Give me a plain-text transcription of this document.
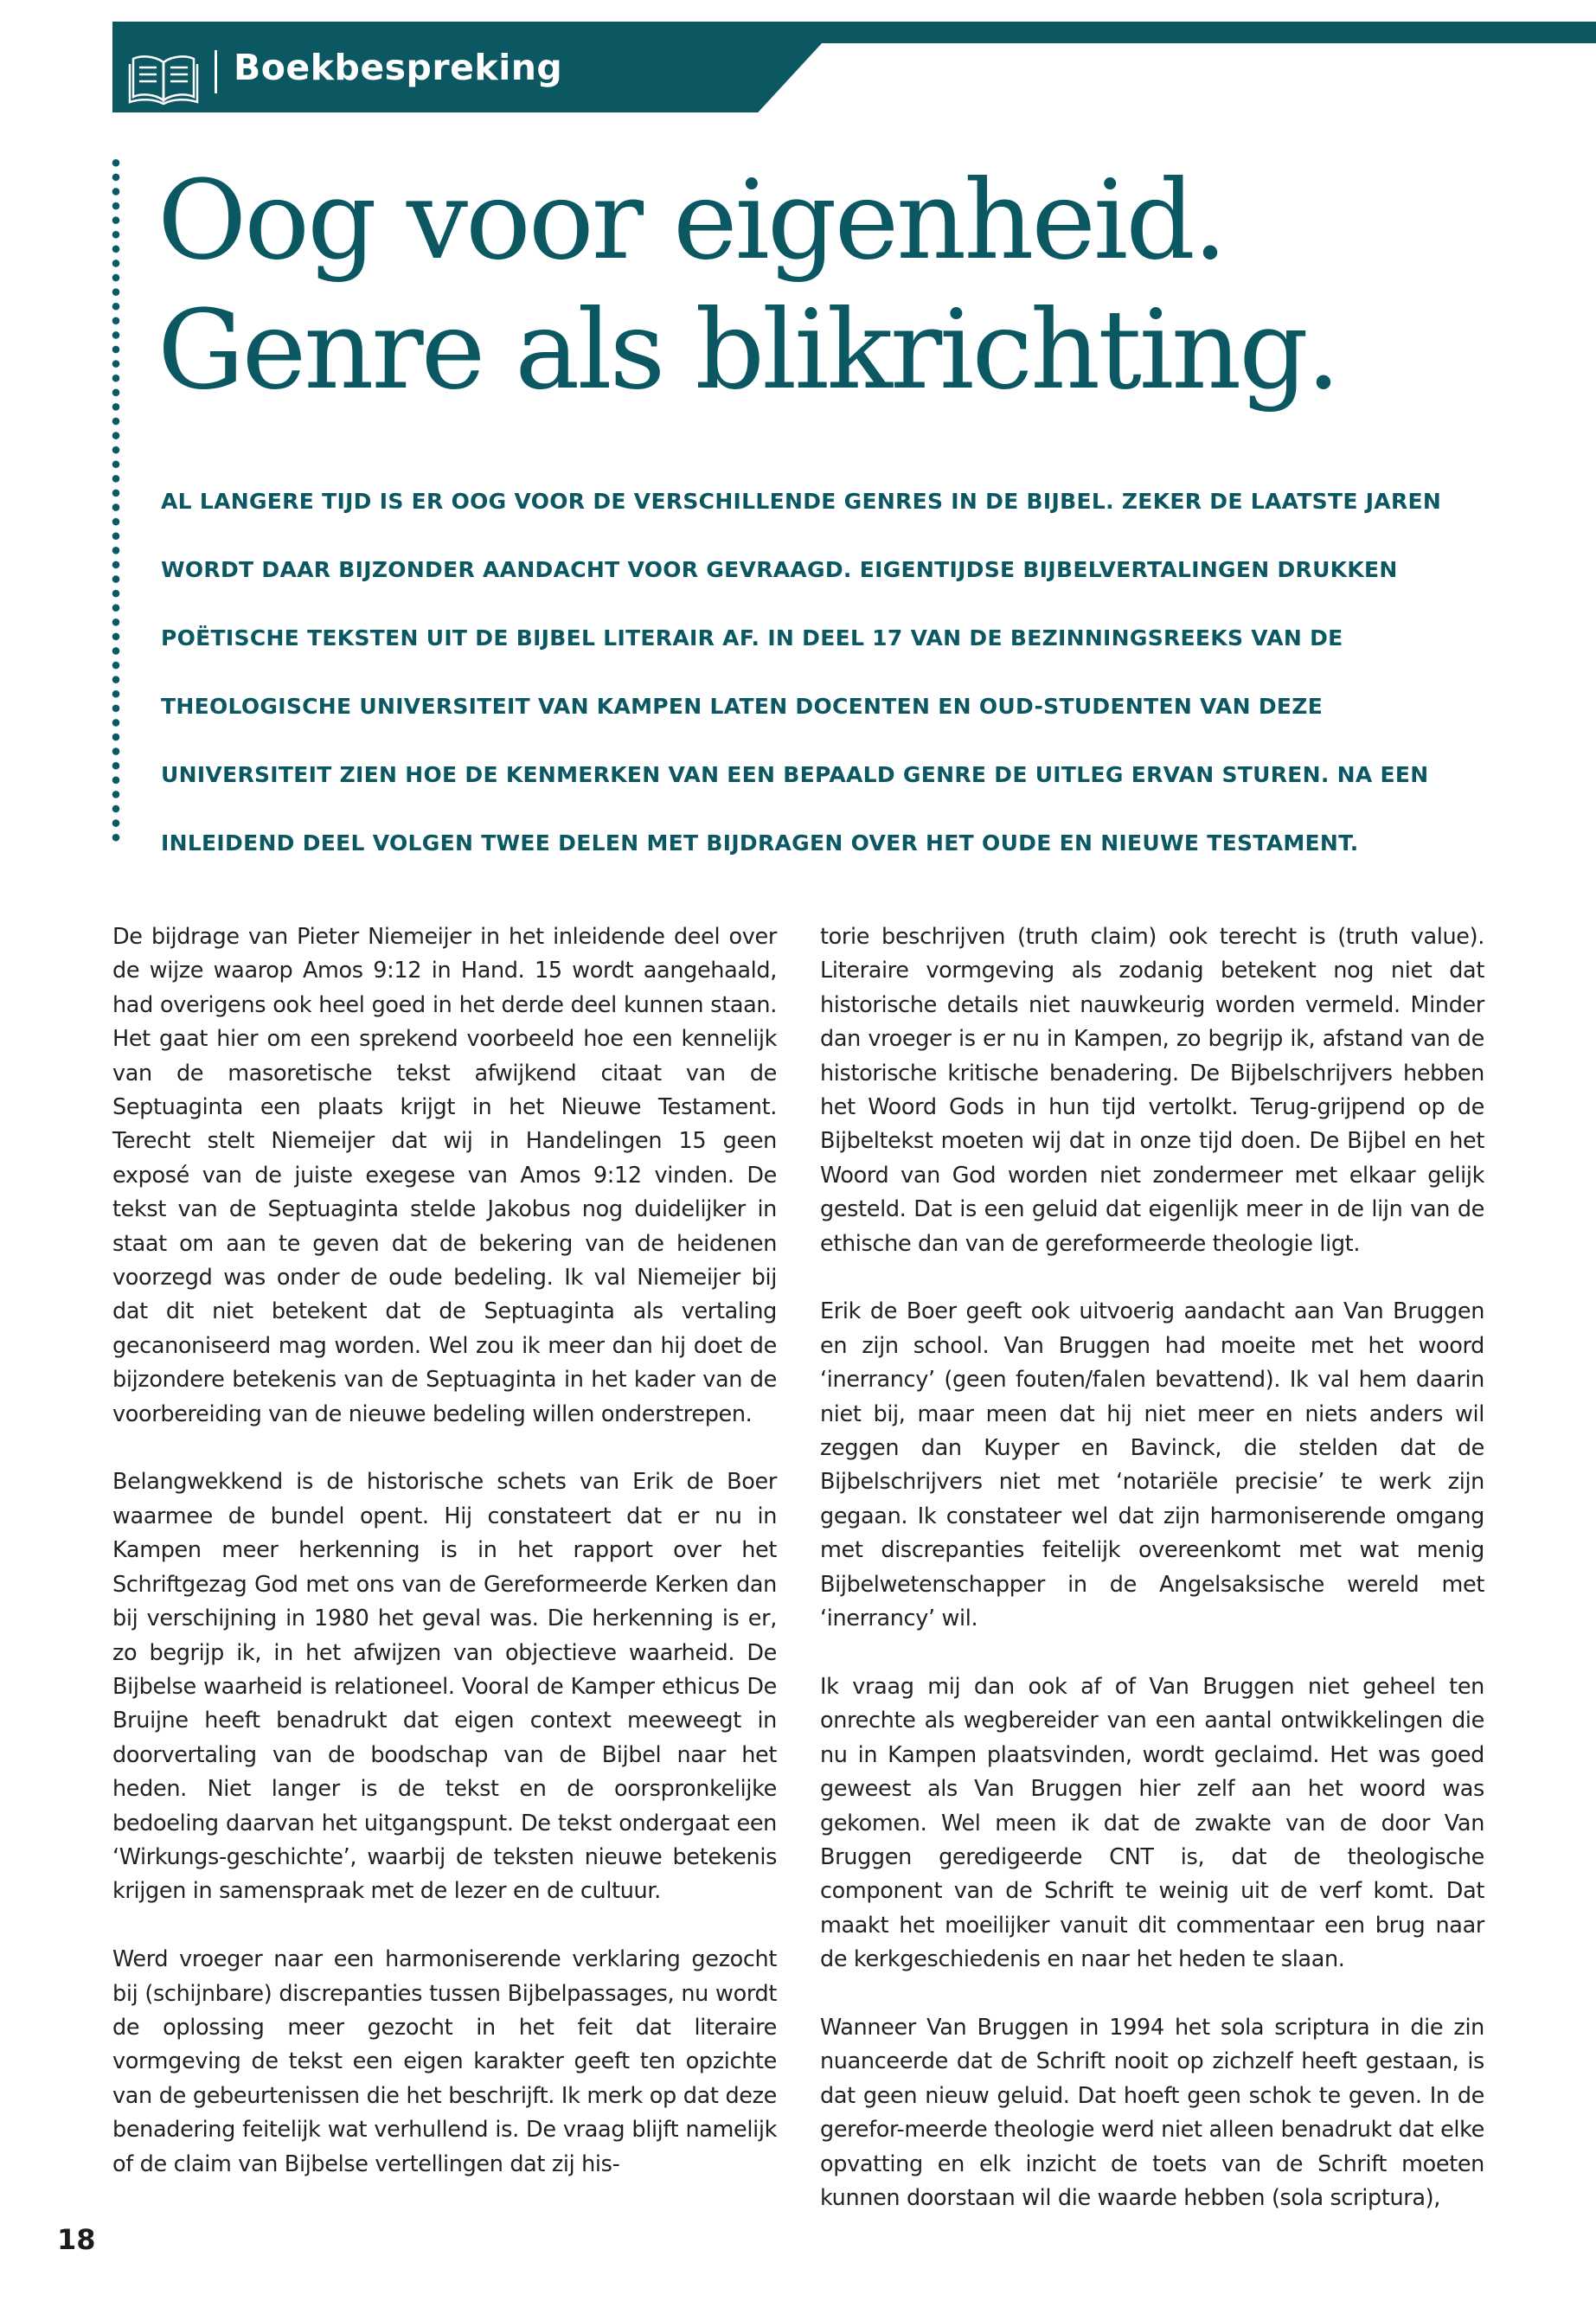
Boekbespreking
Oog voor eigenheid.
Genre als blikrichting.
AL LANGERE TIJD IS ER OOG VOOR DE VERSCHILLENDE GENRES IN DE BIJBEL. ZEKER DE LAATSTE JAREN WORDT DAAR BIJZONDER AANDACHT VOOR GEVRAAGD. EIGENTIJDSE BIJBELVERTALINGEN DRUKKEN POËTISCHE TEKSTEN UIT DE BIJBEL LITERAIR AF. IN DEEL 17 VAN DE BEZINNINGSREEKS VAN DE THEOLOGISCHE UNIVERSITEIT VAN KAMPEN LATEN DOCENTEN EN OUD-STUDENTEN VAN DEZE UNIVERSITEIT ZIEN HOE DE KENMERKEN VAN EEN BEPAALD GENRE DE UITLEG ERVAN STUREN. NA EEN INLEIDEND DEEL VOLGEN TWEE DELEN MET BIJDRAGEN OVER HET OUDE EN NIEUWE TESTAMENT.

De bijdrage van Pieter Niemeijer in het inleidende deel over de wijze waarop Amos 9:12 in Hand. 15 wordt aangehaald, had overigens ook heel goed in het derde deel kunnen staan. Het gaat hier om een sprekend voorbeeld hoe een kennelijk van de masoretische tekst afwijkend citaat van de Septuaginta een plaats krijgt in het Nieuwe Testament. Terecht stelt Niemeijer dat wij in Handelingen 15 geen exposé van de juiste exegese van Amos 9:12 vinden. De tekst van de Septuaginta stelde Jakobus nog duidelijker in staat om aan te geven dat de bekering van de heidenen voorzegd was onder de oude bedeling. Ik val Niemeijer bij dat dit niet betekent dat de Septuaginta als vertaling gecanoniseerd mag worden. Wel zou ik meer dan hij doet de bijzondere betekenis van de Septuaginta in het kader van de voorbereiding van de nieuwe bedeling willen onderstrepen.

Belangwekkend is de historische schets van Erik de Boer waarmee de bundel opent. Hij constateert dat er nu in Kampen meer herkenning is in het rapport over het Schriftgezag God met ons van de Gereformeerde Kerken dan bij verschijning in 1980 het geval was. Die herkenning is er, zo begrijp ik, in het afwijzen van objectieve waarheid. De Bijbelse waarheid is relationeel. Vooral de Kamper ethicus De Bruijne heeft benadrukt dat eigen context meeweegt in doorvertaling van de boodschap van de Bijbel naar het heden. Niet langer is de tekst en de oorspronkelijke bedoeling daarvan het uitgangspunt. De tekst ondergaat een ‘Wirkungs-geschichte’, waarbij de teksten nieuwe betekenis krijgen in samenspraak met de lezer en de cultuur.

Werd vroeger naar een harmoniserende verklaring gezocht bij (schijnbare) discrepanties tussen Bijbelpassages, nu wordt de oplossing meer gezocht in het feit dat literaire vormgeving de tekst een eigen karakter geeft ten opzichte van de gebeurtenissen die het beschrijft. Ik merk op dat deze benadering feitelijk wat verhullend is. De vraag blijft namelijk of de claim van Bijbelse vertellingen dat zij his-

torie beschrijven (truth claim) ook terecht is (truth value). Literaire vormgeving als zodanig betekent nog niet dat historische details niet nauwkeurig worden vermeld. Minder dan vroeger is er nu in Kampen, zo begrijp ik, afstand van de historische kritische benadering. De Bijbelschrijvers hebben het Woord Gods in hun tijd vertolkt. Terug-grijpend op de Bijbeltekst moeten wij dat in onze tijd doen. De Bijbel en het Woord van God worden niet zondermeer met elkaar gelijk gesteld. Dat is een geluid dat eigenlijk meer in de lijn van de ethische dan van de gereformeerde theologie ligt.

Erik de Boer geeft ook uitvoerig aandacht aan Van Bruggen en zijn school. Van Bruggen had moeite met het woord ‘inerrancy’ (geen fouten/falen bevattend). Ik val hem daarin niet bij, maar meen dat hij niet meer en niets anders wil zeggen dan Kuyper en Bavinck, die stelden dat de Bijbelschrijvers niet met ‘notariële precisie’ te werk zijn gegaan. Ik constateer wel dat zijn harmoniserende omgang met discrepanties feitelijk overeenkomt met wat menig Bijbelwetenschapper in de Angelsaksische wereld met ‘inerrancy’ wil.

Ik vraag mij dan ook af of Van Bruggen niet geheel ten onrechte als wegbereider van een aantal ontwikkelingen die nu in Kampen plaatsvinden, wordt geclaimd. Het was goed geweest als Van Bruggen hier zelf aan het woord was gekomen. Wel meen ik dat de zwakte van de door Van Bruggen geredigeerde CNT is, dat de theologische component van de Schrift te weinig uit de verf komt. Dat maakt het moeilijker vanuit dit commentaar een brug naar de kerkgeschiedenis en naar het heden te slaan.

Wanneer Van Bruggen in 1994 het sola scriptura in die zin nuanceerde dat de Schrift nooit op zichzelf heeft gestaan, is dat geen nieuw geluid. Dat hoeft geen schok te geven. In de gerefor-meerde theologie werd niet alleen benadrukt dat elke opvatting en elk inzicht de toets van de Schrift moeten kunnen doorstaan wil die waarde hebben (sola scriptura),

18
